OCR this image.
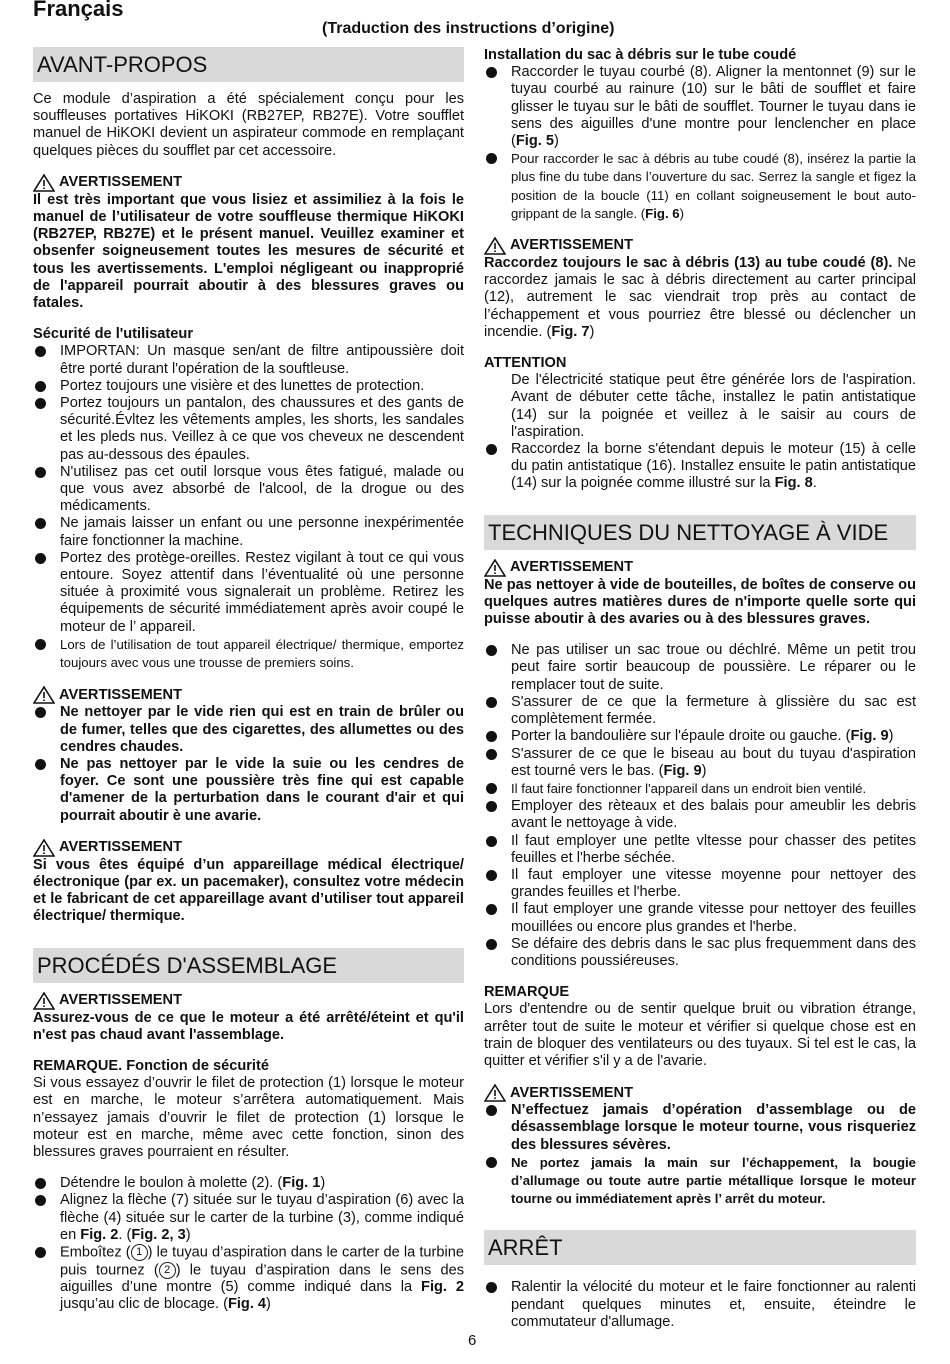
Français
(Traduction des instructions d’origine)
AVANT-PROPOS

Ce module d’aspiration a été spécialement conçu pour les souffleuses portatives HiKOKI (RB27EP, RB27E). Votre soufflet manuel de HiKOKI devient un aspirateur commode en remplaçant quelques pièces du soufflet par cet accessoire.

AVERTISSEMENT

Il est très important que vous lisiez et assimiliez à la fois le manuel de l’utilisateur de votre souffleuse thermique HiKOKI (RB27EP, RB27E) et le présent manuel. Veuillez examiner et obsenfer soigneusement toutes les mesures de sécurité et tous les avertissements. L'emploi négligeant ou inapproprié de l'appareil pourrait aboutir à des blessures graves ou fatales.

Sécurité de l'utilisateur
IMPORTAN: Un masque sen/ant de filtre antipoussière doit être porté durant l'opération de la souftleuse.
Portez toujours une visière et des lunettes de protection.
Portez toujours un pantalon, des chaussures et des gants de sécurité.Évltez les vêtements amples, les shorts, les sandales et les pleds nus. Veillez à ce que vos cheveux ne descendent pas au-dessous des épaules.
N'utilisez pas cet outil lorsque vous êtes fatigué, malade ou que vous avez absorbé de l'alcool, de la drogue ou des médicaments.
Ne jamais laisser un enfant ou une personne inexpérimentée faire fonctionner la machine.
Portez des protège-oreilles. Restez vigilant à tout ce qui vous entoure. Soyez attentif dans l’éventualité où une personne située à proximité vous signalerait un problème. Retirez les équipements de sécurité immédiatement après avoir coupé le moteur de l’ appareil.
Lors de l’utilisation de tout appareil électrique/ thermique, emportez toujours avec vous une trousse de premiers soins.
AVERTISSEMENT
Ne nettoyer par le vide rien qui est en train de brûler ou de fumer, telles que des cigarettes, des allumettes ou des cendres chaudes.
Ne pas nettoyer par le vide la suie ou les cendres de foyer. Ce sont une poussière très fine qui est capable d'amener de la perturbation dans le courant d'air et qui pourrait aboutir è une avarie.
AVERTISSEMENT

Si vous êtes équipé d’un appareillage médical électrique/ électronique (par ex. un pacemaker), consultez votre médecin et le fabricant de cet appareillage avant d’utiliser tout appareil électrique/ thermique.

PROCÉDÉS D'ASSEMBLAGE
AVERTISSEMENT

Assurez-vous de ce que le moteur a été arrêté/éteint et qu'il n'est pas chaud avant l'assemblage.

REMARQUE. Fonction de sécurité

Si vous essayez d’ouvrir le filet de protection (1) lorsque le moteur est en marche, le moteur s’arrêtera automatiquement. Mais n’essayez jamais d’ouvrir le filet de protection (1) lorsque le moteur est en marche, même avec cette fonction, sinon des blessures graves pourraient en résulter.

Détendre le boulon à molette (2). (Fig. 1)
Alignez la flèche (7) située sur le tuyau d’aspiration (6) avec la flèche (4) située sur le carter de la turbine (3), comme indiqué en Fig. 2. (Fig. 2, 3)
Emboîtez ( 1 ) le tuyau d’aspiration dans le carter de la turbine puis tournez ( 2 ) le tuyau d’aspiration dans le sens des aiguilles d’une montre (5) comme indiqué dans la Fig. 2 jusqu’au clic de blocage. (Fig. 4)
Installation du sac à débris sur le tube coudé
Raccorder le tuyau courbé (8). Aligner la mentonnet (9) sur le tuyau courbé au rainure (10) sur le bâti de soufflet et faire glisser le tuyau sur le bâti de soufflet. Tourner le tuyau dans ie sens des aiguilles d'une montre pour lenclencher en place (Fig. 5)
Pour raccorder le sac à débris au tube coudé (8), insérez la partie la plus fine du tube dans l’ouverture du sac. Serrez la sangle et figez la position de la boucle (11) en collant soigneusement le bout auto-grippant de la sangle. (Fig. 6)
AVERTISSEMENT

Raccordez toujours le sac à débris (13) au tube coudé (8). Ne raccordez jamais le sac à débris directement au carter principal (12), autrement le sac viendrait trop près au contact de l’échappement et vous pourriez être blessé ou déclencher un incendie. (Fig. 7)

ATTENTION

De l'électricité statique peut être générée lors de l'aspiration. Avant de débuter cette tâche, installez le patin antistatique (14) sur la poignée et veillez à le saisir au cours de l'aspiration.

Raccordez la borne s'étendant depuis le moteur (15) à celle du patin antistatique (16). Installez ensuite le patin antistatique (14) sur la poignée comme illustré sur la Fig. 8.
TECHNIQUES DU NETTOYAGE À VIDE
AVERTISSEMENT

Ne pas nettoyer à vide de bouteilles, de boîtes de conserve ou quelques autres matières dures de n'importe quelle sorte qui puisse aboutir à des avaries ou à des blessures graves.

Ne pas utiliser un sac troue ou déchlré. Même un petit trou peut faire sortir beaucoup de poussière. Le réparer ou le remplacer tout de suite.
S'assurer de ce que la fermeture à glissière du sac est complètement fermée.
Porter la bandoulière sur l'épaule droite ou gauche. (Fig. 9)
S'assurer de ce que le biseau au bout du tuyau d'aspiration est tourné vers le bas. (Fig. 9)
Il faut faire fonctionner l'appareil dans un endroit bien ventilé.
Employer des rèteaux et des balais pour ameublir les debris avant le nettoyage à vide.
Il faut employer une petlte vltesse pour chasser des petites feuilles et l'herbe séchée.
Il faut employer une vitesse moyenne pour nettoyer des grandes feuilles et l'herbe.
Il faut employer une grande vitesse pour nettoyer des feuilles mouillées ou encore plus grandes et l'herbe.
Se défaire des debris dans le sac plus frequemment dans des conditions poussiéreuses.
REMARQUE

Lors d'entendre ou de sentir quelque bruit ou vibration étrange, arrêter tout de suite le moteur et vérifier si quelque chose est en train de bloquer des ventilateurs ou des tuyaux. Si tel est le cas, la quitter et vérifier s'il y a de l'avarie.

AVERTISSEMENT
N’effectuez jamais d’opération d’assemblage ou de désassemblage lorsque le moteur tourne, vous risqueriez des blessures sévères.
Ne portez jamais la main sur l’échappement, la bougie d’allumage ou toute autre partie métallique lorsque le moteur tourne ou immédiatement après l’ arrêt du moteur.
ARRÊT
Ralentir la vélocité du moteur et le faire fonctionner au ralenti pendant quelques minutes et, ensuite, éteindre le commutateur d'allumage.
6
